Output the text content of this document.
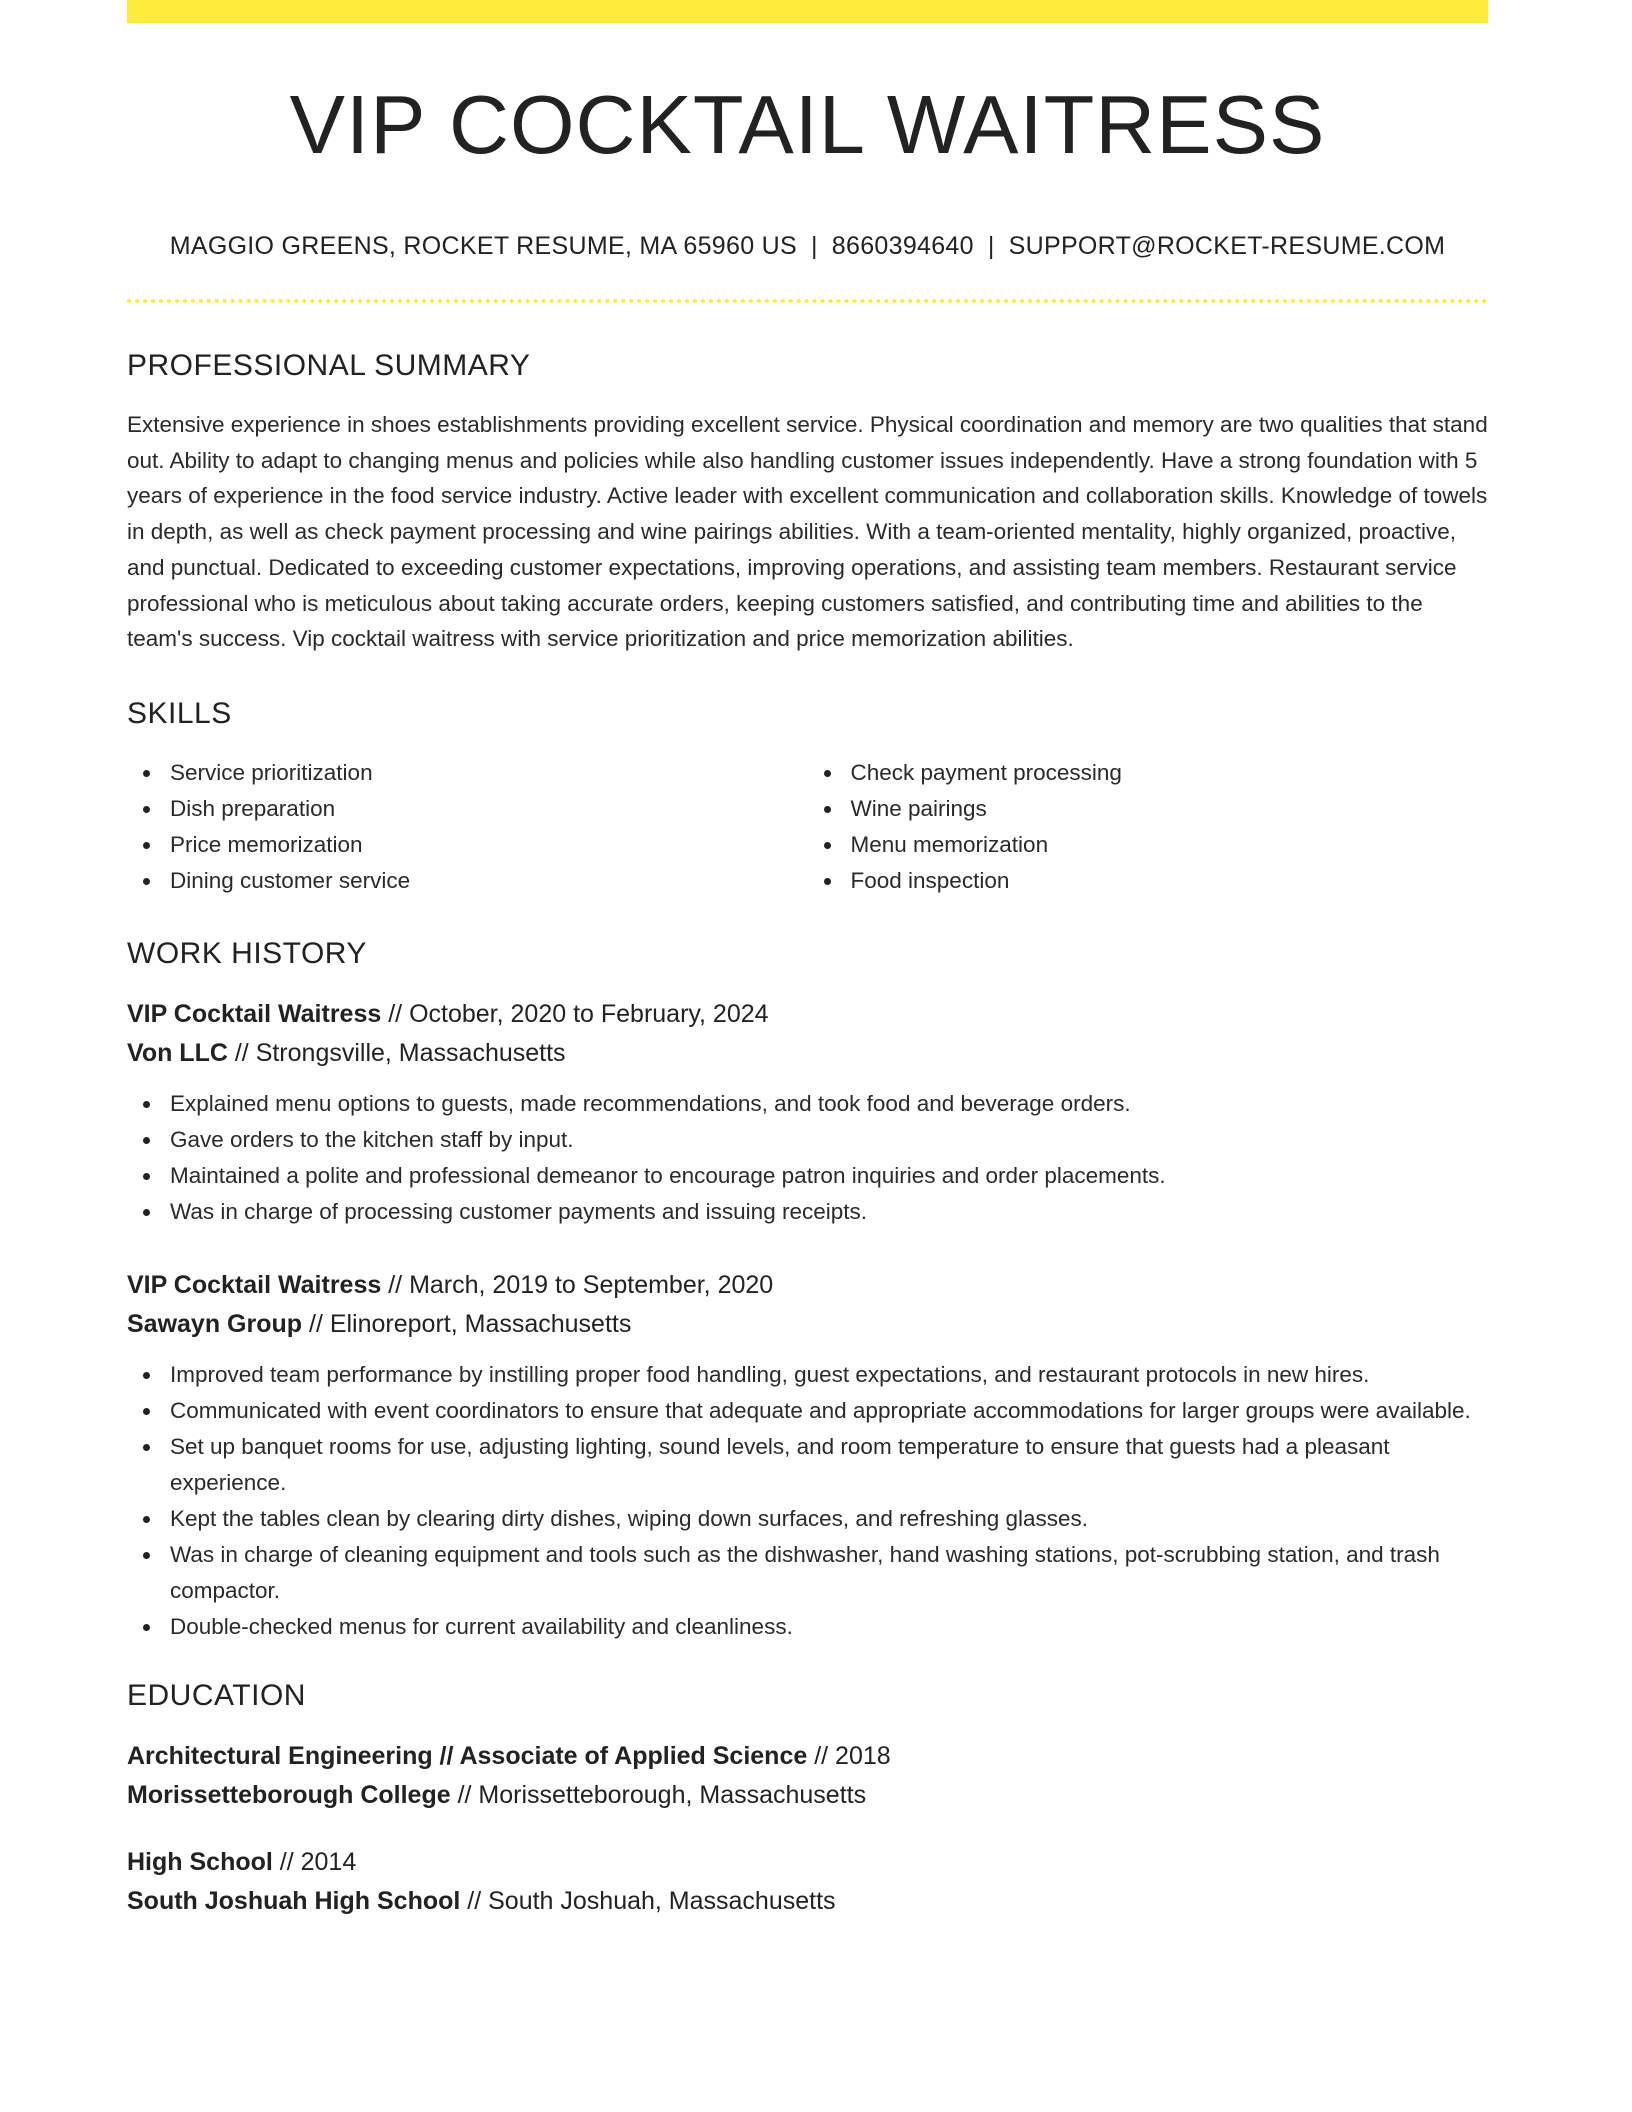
VIP COCKTAIL WAITRESS
MAGGIO GREENS, ROCKET RESUME, MA 65960 US | 8660394640 | SUPPORT@ROCKET-RESUME.COM
PROFESSIONAL SUMMARY

Extensive experience in shoes establishments providing excellent service. Physical coordination and memory are two qualities that stand out. Ability to adapt to changing menus and policies while also handling customer issues independently. Have a strong foundation with 5 years of experience in the food service industry. Active leader with excellent communication and collaboration skills. Knowledge of towels in depth, as well as check payment processing and wine pairings abilities. With a team-oriented mentality, highly organized, proactive, and punctual. Dedicated to exceeding customer expectations, improving operations, and assisting team members. Restaurant service professional who is meticulous about taking accurate orders, keeping customers satisfied, and contributing time and abilities to the team's success. Vip cocktail waitress with service prioritization and price memorization abilities.

SKILLS
Service prioritization
Dish preparation
Price memorization
Dining customer service
Check payment processing
Wine pairings
Menu memorization
Food inspection
WORK HISTORY
VIP Cocktail Waitress // October, 2020 to February, 2024
Von LLC // Strongsville, Massachusetts
Explained menu options to guests, made recommendations, and took food and beverage orders.
Gave orders to the kitchen staff by input.
Maintained a polite and professional demeanor to encourage patron inquiries and order placements.
Was in charge of processing customer payments and issuing receipts.
VIP Cocktail Waitress // March, 2019 to September, 2020
Sawayn Group // Elinoreport, Massachusetts
Improved team performance by instilling proper food handling, guest expectations, and restaurant protocols in new hires.
Communicated with event coordinators to ensure that adequate and appropriate accommodations for larger groups were available.
Set up banquet rooms for use, adjusting lighting, sound levels, and room temperature to ensure that guests had a pleasant experience.
Kept the tables clean by clearing dirty dishes, wiping down surfaces, and refreshing glasses.
Was in charge of cleaning equipment and tools such as the dishwasher, hand washing stations, pot-scrubbing station, and trash compactor.
Double-checked menus for current availability and cleanliness.
EDUCATION
Architectural Engineering // Associate of Applied Science // 2018
Morissetteborough College // Morissetteborough, Massachusetts
High School // 2014
South Joshuah High School // South Joshuah, Massachusetts
